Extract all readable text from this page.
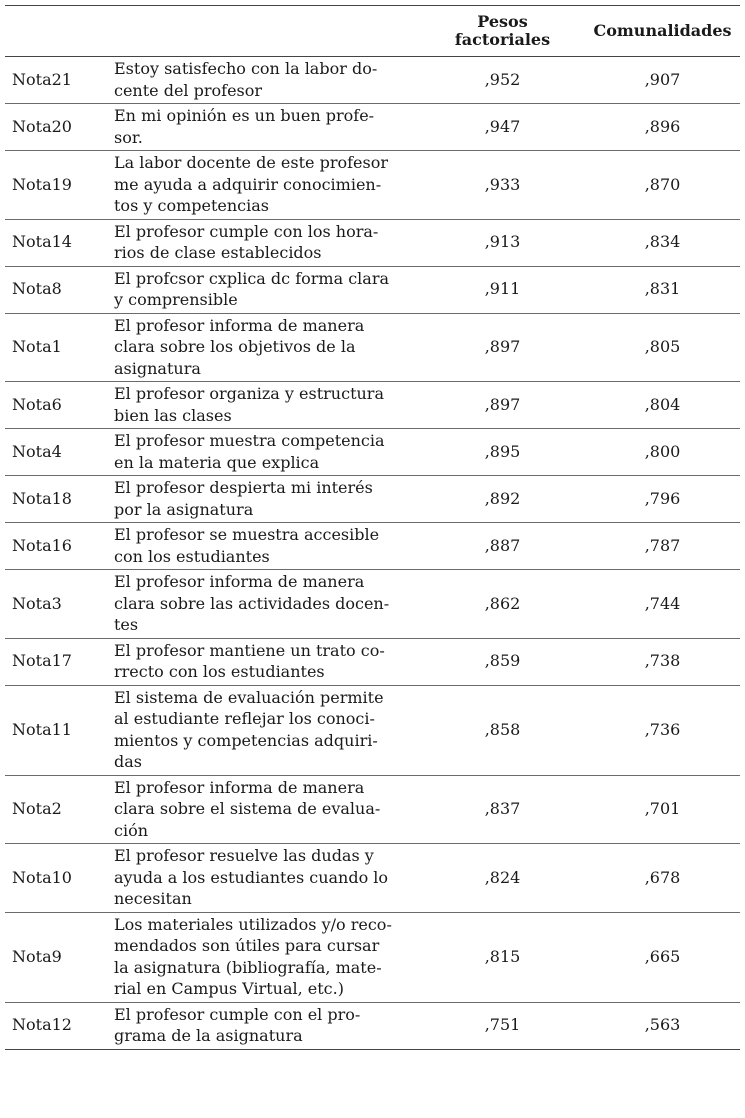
		Pesos
factoriales	Comunalidades
Nota21	Estoy satisfecho con la labor do-
cente del profesor	,952	,907
Nota20	En mi opinión es un buen profe-
sor.	,947	,896
Nota19	La labor docente de este profesor
me ayuda a adquirir conocimien-
tos y competencias	,933	,870
Nota14	El profesor cumple con los hora-
rios de clase establecidos	,913	,834
Nota8	El profcsor cxplica dc forma clara
y comprensible	,911	,831
Nota1	El profesor informa de manera
clara sobre los objetivos de la
asignatura	,897	,805
Nota6	El profesor organiza y estructura
bien las clases	,897	,804
Nota4	El profesor muestra competencia
en la materia que explica	,895	,800
Nota18	El profesor despierta mi interés
por la asignatura	,892	,796
Nota16	El profesor se muestra accesible
con los estudiantes	,887	,787
Nota3	El profesor informa de manera
clara sobre las actividades docen-
tes	,862	,744
Nota17	El profesor mantiene un trato co-
rrecto con los estudiantes	,859	,738
Nota11	El sistema de evaluación permite
al estudiante reflejar los conoci-
mientos y competencias adquiri-
das	,858	,736
Nota2	El profesor informa de manera
clara sobre el sistema de evalua-
ción	,837	,701
Nota10	El profesor resuelve las dudas y
ayuda a los estudiantes cuando lo
necesitan	,824	,678
Nota9	Los materiales utilizados y/o reco-
mendados son útiles para cursar
la asignatura (bibliografía, mate-
rial en Campus Virtual, etc.)	,815	,665
Nota12	El profesor cumple con el pro-
grama de la asignatura	,751	,563
